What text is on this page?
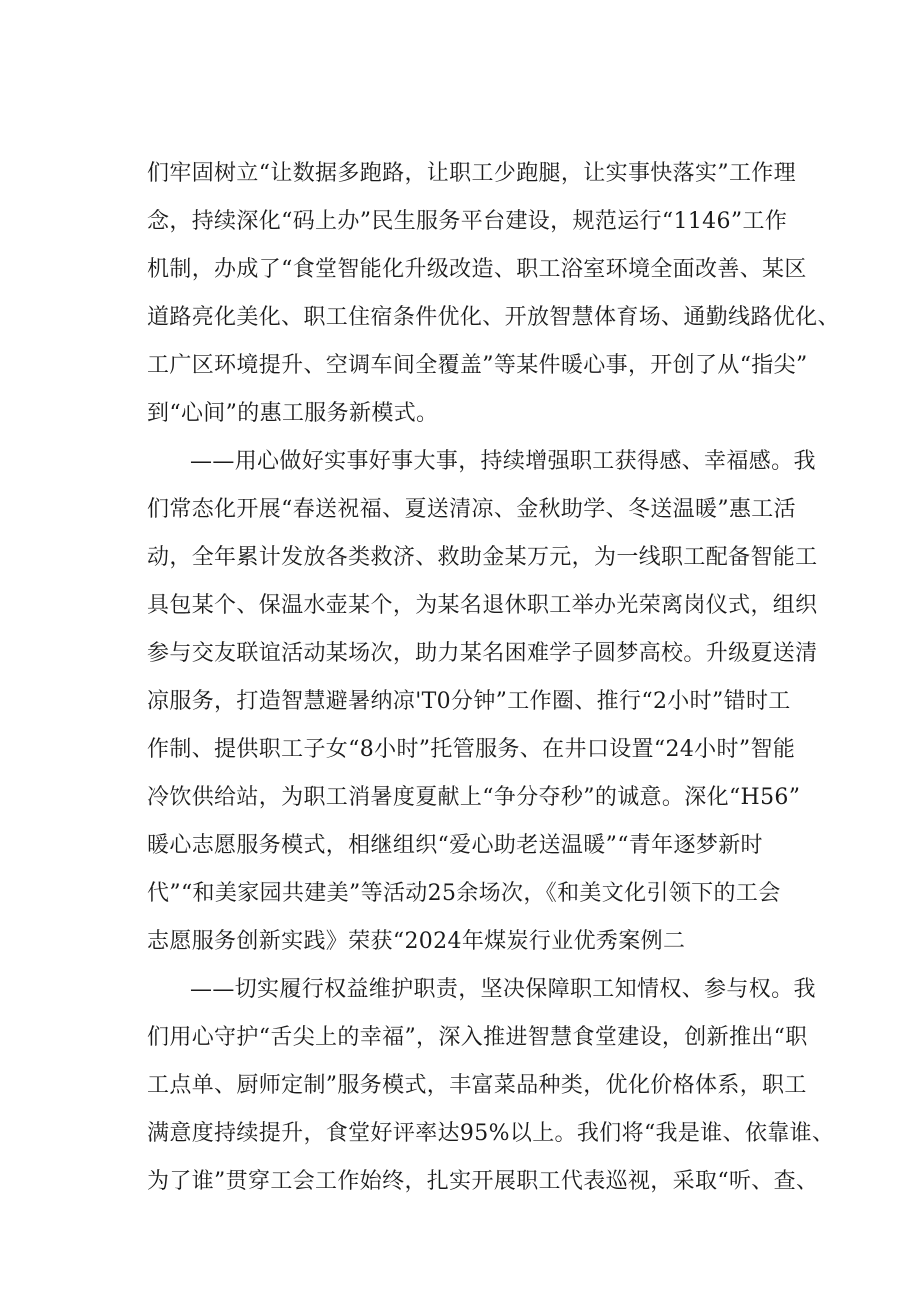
们牢固树立“让数据多跑路，让职工少跑腿，让实事快落实”工作理
念，持续深化“码上办”民生服务平台建设，规范运行“1146”工作
机制，办成了“食堂智能化升级改造、职工浴室环境全面改善、某区
道路亮化美化、职工住宿条件优化、开放智慧体育场、通勤线路优化、
工广区环境提升、空调车间全覆盖”等某件暖心事，开创了从“指尖”
到“心间”的惠工服务新模式。
——用心做好实事好事大事，持续增强职工获得感、幸福感。我
们常态化开展“春送祝福、夏送清凉、金秋助学、冬送温暖”惠工活
动，全年累计发放各类救济、救助金某万元，为一线职工配备智能工
具包某个、保温水壶某个，为某名退休职工举办光荣离岗仪式，组织
参与交友联谊活动某场次，助力某名困难学子圆梦高校。升级夏送清
凉服务，打造智慧避暑纳凉'T0分钟”工作圈、推行“2小时”错时工
作制、提供职工子女“8小时”托管服务、在井口设置“24小时”智能
冷饮供给站，为职工消暑度夏献上“争分夺秒”的诚意。深化“H56”
暖心志愿服务模式，相继组织“爱心助老送温暖”“青年逐梦新时
代”“和美家园共建美”等活动25余场次，《和美文化引领下的工会
志愿服务创新实践》荣获“2024年煤炭行业优秀案例二
——切实履行权益维护职责，坚决保障职工知情权、参与权。我
们用心守护“舌尖上的幸福”，深入推进智慧食堂建设，创新推出“职
工点单、厨师定制”服务模式，丰富菜品种类，优化价格体系，职工
满意度持续提升，食堂好评率达95%以上。我们将“我是谁、依靠谁、
为了谁”贯穿工会工作始终，扎实开展职工代表巡视，采取“听、查、
